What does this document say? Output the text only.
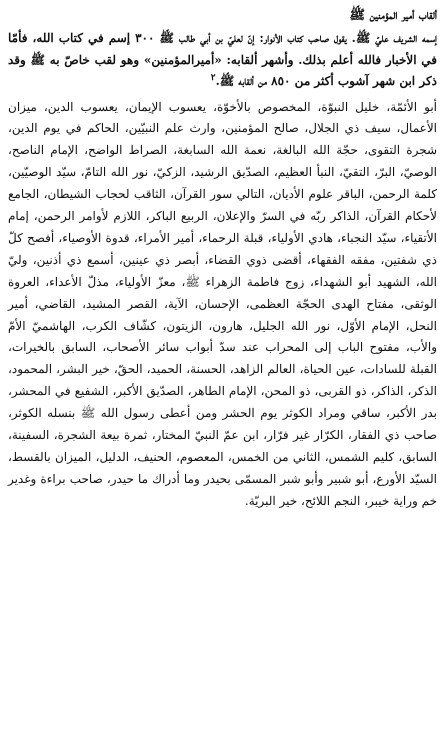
ألقاب أمير المؤمنين ﷺ

إسمه الشريف عليّ ﷺ. يقول صاحب كتاب الأنوار: إنّ لعليّ بن أبي طالب ﷺ ٣٠٠ إسم في كتاب الله، فأمّا في الأخبار فالله أعلم بذلك. وأشهر ألقابه: «أميرالمؤمنين» وهو لقب خاصّ به ﷺ وقد ذكر ابن شهر آشوب أكثر من ٨٥٠ من ألقابه ﷺ.$^٢$

أبو الأئمّة، خليل النبوّة، المخصوص بالأخوّة، يعسوب الإيمان، يعسوب الدين، ميزان الأعمال، سيف ذي الجلال، صالح المؤمنين، وارث علم النبيّين، الحاكم في يوم الدين، شجرة التقوى، حجّة الله البالغة، نعمة الله السابغة، الصراط الواضح، الإمام الناصح، الوصيّ، البرّ، التقيّ، النبأ العظيم، الصدّيق الرشيد، الزكيّ، نور الله التامّ، سيّد الوصيّين، كلمة الرحمن، الباقر علوم الأديان، التالي سور القرآن، الثاقب لحجاب الشيطان، الجامع لأحكام القرآن، الذاكر ربّه في السرّ والإعلان، الربيع الباكر، اللازم لأوامر الرحمن، إمام الأتقياء، سيّد النجباء، هادي الأولياء، قبلة الرحماء، أمير الأمراء، قدوة الأوصياء، أفصح كلّ ذي شفتين، مفقه الفقهاء، أقضى ذوي القضاء، أبصر ذي عينين، أسمع ذي أذنين، وليّ الله، الشهيد أبو الشهداء، زوج فاطمة الزهراء ﷺ، معزّ الأولياء، مذلّ الأعداء، العروة الوثقى، مفتاح الهدى الحجّة العظمى، الإحسان، الآية، القصر المشيد، القاضي، أمير النحل، الإمام الأوّل، نور الله الجليل، هارون، الزيتون، كشّاف الكرب، الهاشميّ الأمّ والأب، مفتوح الباب إلى المحراب عند سدّ أبواب سائر الأصحاب، السابق بالخيرات، القبلة للسادات، عين الحياة، العالم الزاهد، الحسنة، الحميد، الحقّ، خير البشر، المحمود، الذكر، الذاكر، ذو القربى، ذو المحن، الإمام الطاهر، الصدّيق الأكبر، الشفيع في المحشر، بدر الأكبر، ساقي ومراد الكوثر يوم الحشر ومن أعطى رسول الله ﷺ بنسله الكوثر، صاحب ذي الفقار، الكرّار غير فرّار، ابن عمّ النبيّ المختار، ثمرة بيعة الشجرة، السفينة، السابق، كليم الشمس، الثاني من الخمس، المعصوم، الحنيف، الدليل، الميزان بالقسط، السيّد الأورع، أبو شبير وأبو شبر المسمّى بحيدر وما أدراك ما حيدر، صاحب براءة وغدير خم وراية خيبر، النجم اللائح، خير البريّة.
